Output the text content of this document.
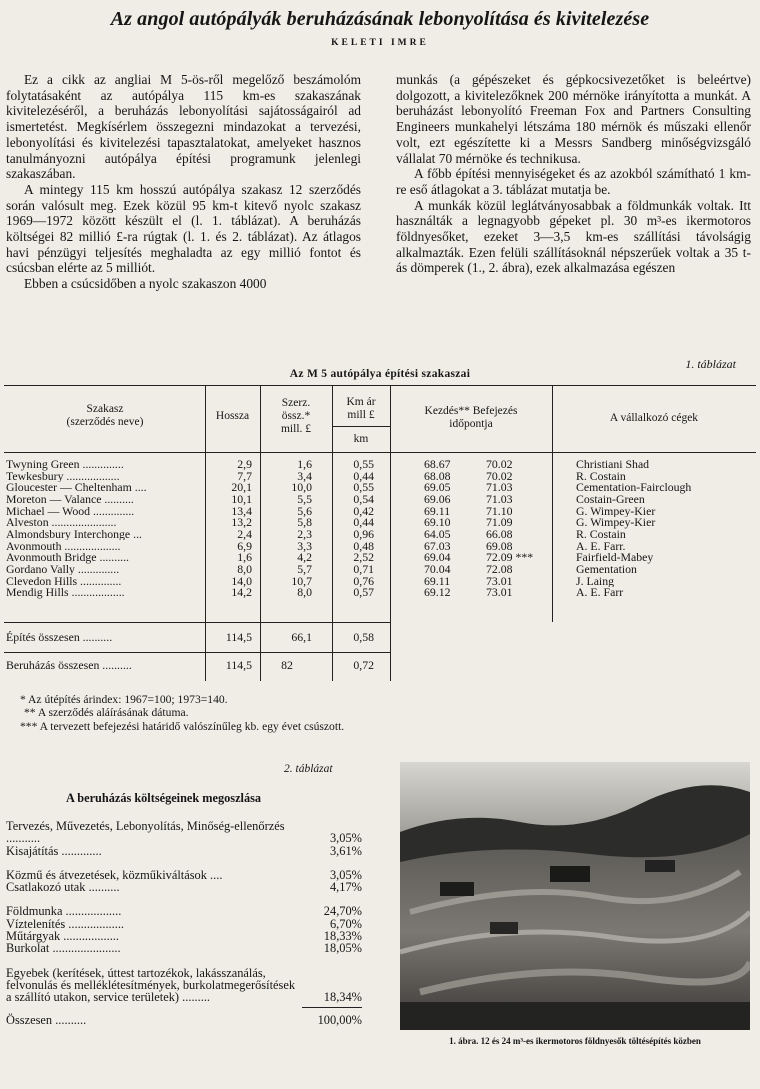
Az angol autópályák beruházásának lebonyolítása és kivitelezése
KELETI IMRE

Ez a cikk az angliai M 5-ös-ről megelőző beszámolóm folytatásaként az autópálya 115 km-es szakaszának kivitelezéséről, a beruházás lebonyolítási sajátosságairól ad ismertetést. Megkísérlem összegezni mindazokat a tervezési, lebonyolítási és kivitelezési tapasztalatokat, amelyeket hasznos tanulmányozni autópálya építési programunk jelenlegi szakaszában.

A mintegy 115 km hosszú autópálya szakasz 12 szerződés során valósult meg. Ezek közül 95 km-t kitevő nyolc szakasz 1969—1972 között készült el (l. 1. táblázat). A beruházás költségei 82 millió £-ra rúgtak (l. 1. és 2. táblázat). Az átlagos havi pénzügyi teljesítés meghaladta az egy millió fontot és csúcsban elérte az 5 milliót.

Ebben a csúcsidőben a nyolc szakaszon 4000

munkás (a gépészeket és gépkocsivezetőket is beleértve) dolgozott, a kivitelezőknek 200 mérnöke irányította a munkát. A beruházást lebonyolító Freeman Fox and Partners Consulting Engineers munkahelyi létszáma 180 mérnök és műszaki ellenőr volt, ezt egészítette ki a Messrs Sandberg minőségvizsgáló vállalat 70 mérnöke és technikusa.

A főbb építési mennyiségeket és az azokból számítható 1 km-re eső átlagokat a 3. táblázat mutatja be.

A munkák közül leglátványosabbak a földmunkák voltak. Itt használták a legnagyobb gépeket pl. 30 m³-es ikermotoros földnyesőket, ezeket 3—3,5 km-es szállítási távolságig alkalmazták. Ezen felüli szállításoknál népszerűek voltak a 35 t-ás dömperek (1., 2. ábra), ezek alkalmazása egészen

1. táblázat
Az M 5 autópálya építési szakaszai
Szakasz
(szerződés neve)	Hossza
Szerz.
össz.*
mill. £
Km ár
mill £
km
Kezdés** Befejezés
időpontja	A vállalkozó cégek
Twyning Green ..............	2,9	1,6	0,55	68.67	70.02	Christiani Shad
Tewkesbury ..................	7,7	3,4	0,44	68.08	70.02	R. Costain
Gloucester — Cheltenham ....	20,1	10,0	0,55	69.05	71.03	Cementation-Fairclough
Moreton — Valance ..........	10,1	5,5	0,54	69.06	71.03	Costain-Green
Michael — Wood ..............	13,4	5,6	0,42	69.11	71.10	G. Wimpey-Kier
Alveston ......................	13,2	5,8	0,44	69.10	71.09	G. Wimpey-Kier
Almondsbury Interchonge ...	2,4	2,3	0,96	64.05	66.08	R. Costain
Avonmouth ...................	6,9	3,3	0,48	67.03	69.08	A. E. Farr.
Avonmouth Bridge ..........	1,6	4,2	2,52	69.04	72.09 ***	Fairfield-Mabey
Gordano Vally ..............	8,0	5,7	0,71	70.04	72.08	Gementation
Clevedon Hills ..............	14,0	10,7	0,76	69.11	73.01	J. Laing
Mendig Hills ..................	14,2	8,0	0,57	69.12	73.01	A. E. Farr
Építés összesen ..........	114,5	66,1	0,58
Beruházás összesen ..........	114,5	82	0,72
* Az útépítés árindex: 1967=100; 1973=140.
** A szerződés aláírásának dátuma.
*** A tervezett befejezési határidő valószínűleg kb. egy évet csúszott.
2. táblázat
A beruházás költségeinek megoszlása
Tervezés, Művezetés, Lebonyolítás, Minőség-ellenőrzés ...........	3,05%
Kisajátítás .............	3,61%
Közmű és átvezetések, közműkiváltások ....	3,05%
Csatlakozó utak ..........	4,17%
Földmunka ..................	24,70%
Víztelenítés ..................	6,70%
Műtárgyak ..................	18,33%
Burkolat ......................	18,05%
Egyebek (kerítések, úttest tartozékok, lakásszanálás, felvonulás és melléklétesítmények, burkolatmegerősítések a szállító utakon, service területek) .........	18,34%
Összesen ..........	100,00%
1. ábra. 12 és 24 m³-es ikermotoros földnyesők töltésépítés közben
